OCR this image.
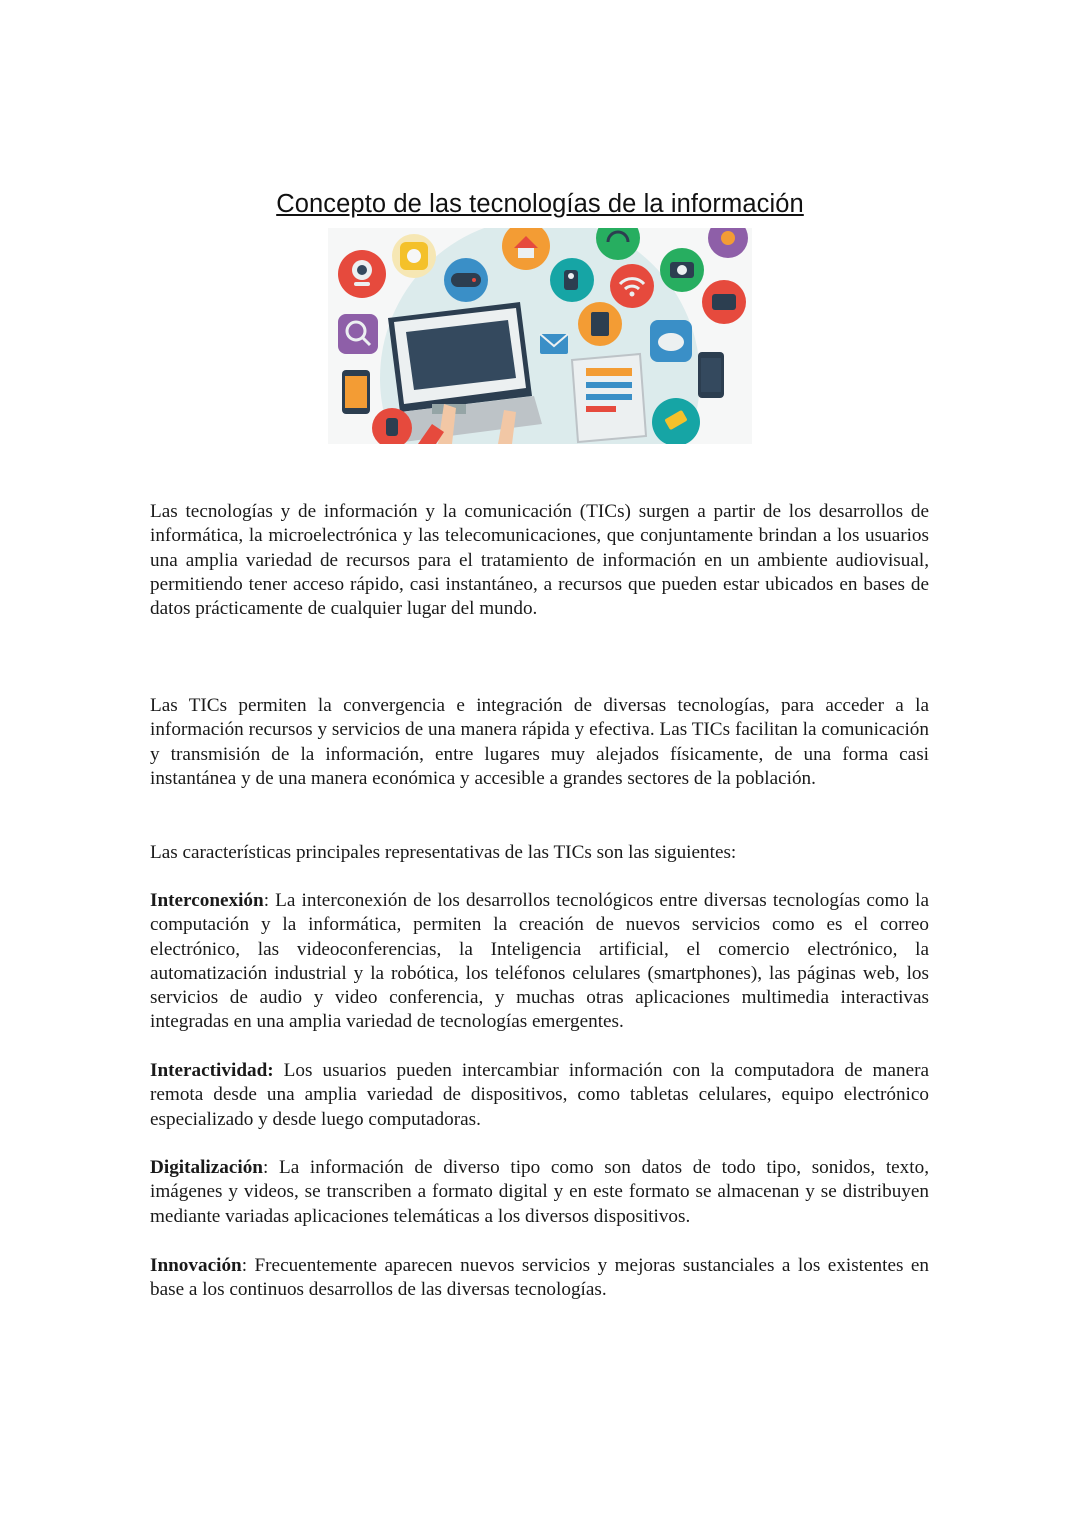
Concepto de las tecnologías de la información

Las tecnologías y de información y la comunicación (TICs) surgen a partir de los desarrollos de informática, la microelectrónica y las telecomunicaciones, que conjuntamente brindan a los usuarios una amplia variedad de recursos para el tratamiento de información en un ambiente audiovisual, permitiendo tener acceso rápido, casi instantáneo, a recursos que pueden estar ubicados en bases de datos prácticamente de cualquier lugar del mundo.

Las TICs permiten la convergencia e integración de diversas tecnologías, para acceder a la información recursos y servicios de una manera rápida y efectiva. Las TICs facilitan la comunicación y transmisión de la información, entre lugares muy alejados físicamente, de una forma casi instantánea y de una manera económica y accesible a grandes sectores de la población.

Las características principales representativas de las TICs son las siguientes:

Interconexión: La interconexión de los desarrollos tecnológicos entre diversas tecnologías como la computación y la informática, permiten la creación de nuevos servicios como es el correo electrónico, las videoconferencias, la Inteligencia artificial, el comercio electrónico, la automatización industrial y la robótica, los teléfonos celulares (smartphones), las páginas web, los servicios de audio y video conferencia, y muchas otras aplicaciones multimedia interactivas integradas en una amplia variedad de tecnologías emergentes.

Interactividad: Los usuarios pueden intercambiar información con la computadora de manera remota desde una amplia variedad de dispositivos, como tabletas celulares, equipo electrónico especializado y desde luego computadoras.

Digitalización: La información de diverso tipo como son datos de todo tipo, sonidos, texto, imágenes y videos, se transcriben a formato digital y en este formato se almacenan y se distribuyen mediante variadas aplicaciones telemáticas a los diversos dispositivos.

Innovación: Frecuentemente aparecen nuevos servicios y mejoras sustanciales a los existentes en base a los continuos desarrollos de las diversas tecnologías.
